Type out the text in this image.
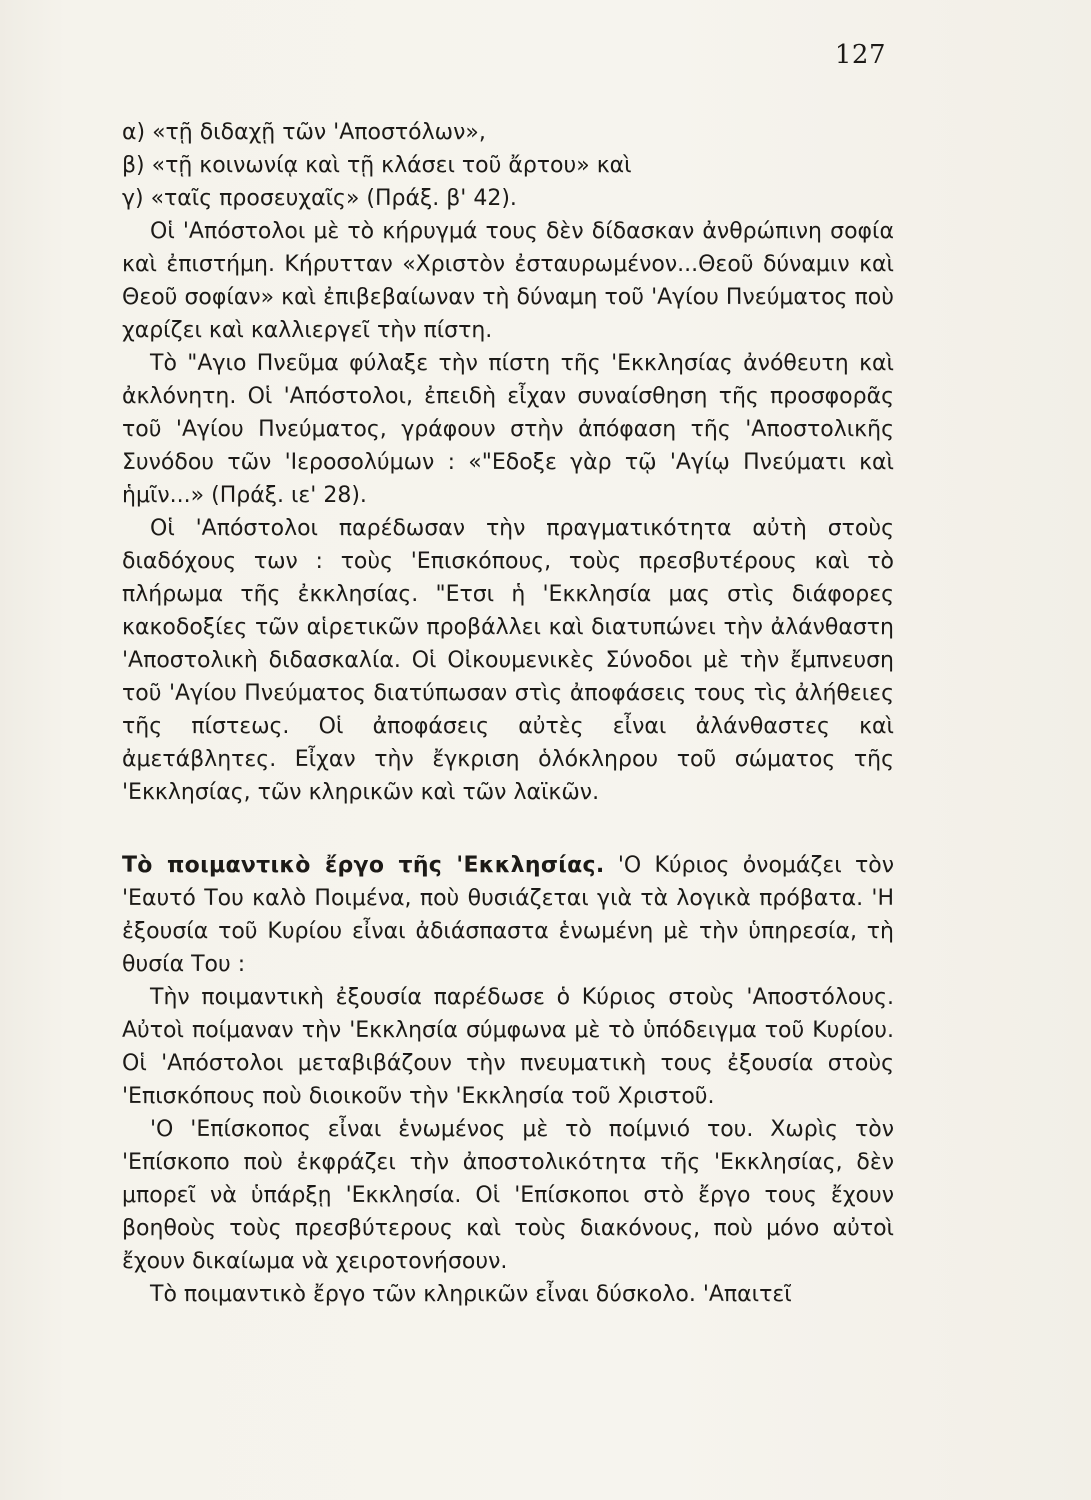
127

α) «τῇ διδαχῇ τῶν 'Αποστόλων»,

β) «τῇ κοινωνίᾳ καὶ τῇ κλάσει τοῦ ἄρτου» καὶ

γ) «ταῖς προσευχαῖς» (Πράξ. β' 42).

Οἱ 'Απόστολοι μὲ τὸ κήρυγμά τους δὲν δίδασκαν ἀνθρώπινη σοφία καὶ ἐπιστήμη. Κήρυτταν «Χριστὸν ἐσταυρωμένον...Θεοῦ δύναμιν καὶ Θεοῦ σοφίαν» καὶ ἐπιβεβαίωναν τὴ δύναμη τοῦ 'Αγίου Πνεύματος ποὺ χαρίζει καὶ καλλιεργεῖ τὴν πίστη.

Τὸ "Αγιο Πνεῦμα φύλαξε τὴν πίστη τῆς 'Εκκλησίας ἀνόθευτη καὶ ἀκλόνητη. Οἱ 'Απόστολοι, ἐπειδὴ εἶχαν συναίσθηση τῆς προσφορᾶς τοῦ 'Αγίου Πνεύματος, γράφουν στὴν ἀπόφαση τῆς 'Αποστολικῆς Συνόδου τῶν 'Ιεροσολύμων : «"Εδοξε γὰρ τῷ 'Αγίῳ Πνεύματι καὶ ἡμῖν...» (Πράξ. ιε' 28).

Οἱ 'Απόστολοι παρέδωσαν τὴν πραγματικότητα αὐτὴ στοὺς διαδόχους των : τοὺς 'Επισκόπους, τοὺς πρεσβυτέρους καὶ τὸ πλήρωμα τῆς ἐκκλησίας. "Ετσι ἡ 'Εκκλησία μας στὶς διάφορες κακοδοξίες τῶν αἱρετικῶν προβάλλει καὶ διατυπώνει τὴν ἀλάνθαστη 'Αποστολικὴ διδασκαλία. Οἱ Οἰκουμενικὲς Σύνοδοι μὲ τὴν ἔμπνευση τοῦ 'Αγίου Πνεύματος διατύπωσαν στὶς ἀποφάσεις τους τὶς ἀλήθειες τῆς πίστεως. Οἱ ἀποφάσεις αὐτὲς εἶναι ἀλάνθαστες καὶ ἀμετάβλητες. Εἶχαν τὴν ἔγκριση ὁλόκληρου τοῦ σώματος τῆς 'Εκκλησίας, τῶν κληρικῶν καὶ τῶν λαϊκῶν.

Τὸ ποιμαντικὸ ἔργο τῆς 'Εκκλησίας. 'Ο Κύριος ὀνομάζει τὸν 'Εαυτό Του καλὸ Ποιμένα, ποὺ θυσιάζεται γιὰ τὰ λογικὰ πρόβατα. 'Η ἐξουσία τοῦ Κυρίου εἶναι ἀδιάσπαστα ἑνωμένη μὲ τὴν ὑπηρεσία, τὴ θυσία Του :

Τὴν ποιμαντικὴ ἐξουσία παρέδωσε ὁ Κύριος στοὺς 'Αποστόλους. Αὐτοὶ ποίμαναν τὴν 'Εκκλησία σύμφωνα μὲ τὸ ὑπόδειγμα τοῦ Κυρίου. Οἱ 'Απόστολοι μεταβιβάζουν τὴν πνευματικὴ τους ἐξουσία στοὺς 'Επισκόπους ποὺ διοικοῦν τὴν 'Εκκλησία τοῦ Χριστοῦ.

'Ο 'Επίσκοπος εἶναι ἑνωμένος μὲ τὸ ποίμνιό του. Χωρὶς τὸν 'Επίσκοπο ποὺ ἐκφράζει τὴν ἀποστολικότητα τῆς 'Εκκλησίας, δὲν μπορεῖ νὰ ὑπάρξῃ 'Εκκλησία. Οἱ 'Επίσκοποι στὸ ἔργο τους ἔχουν βοηθοὺς τοὺς πρεσβύτερους καὶ τοὺς διακόνους, ποὺ μόνο αὐτοὶ ἔχουν δικαίωμα νὰ χειροτονήσουν.

Τὸ ποιμαντικὸ ἔργο τῶν κληρικῶν εἶναι δύσκολο. 'Απαιτεῖ
